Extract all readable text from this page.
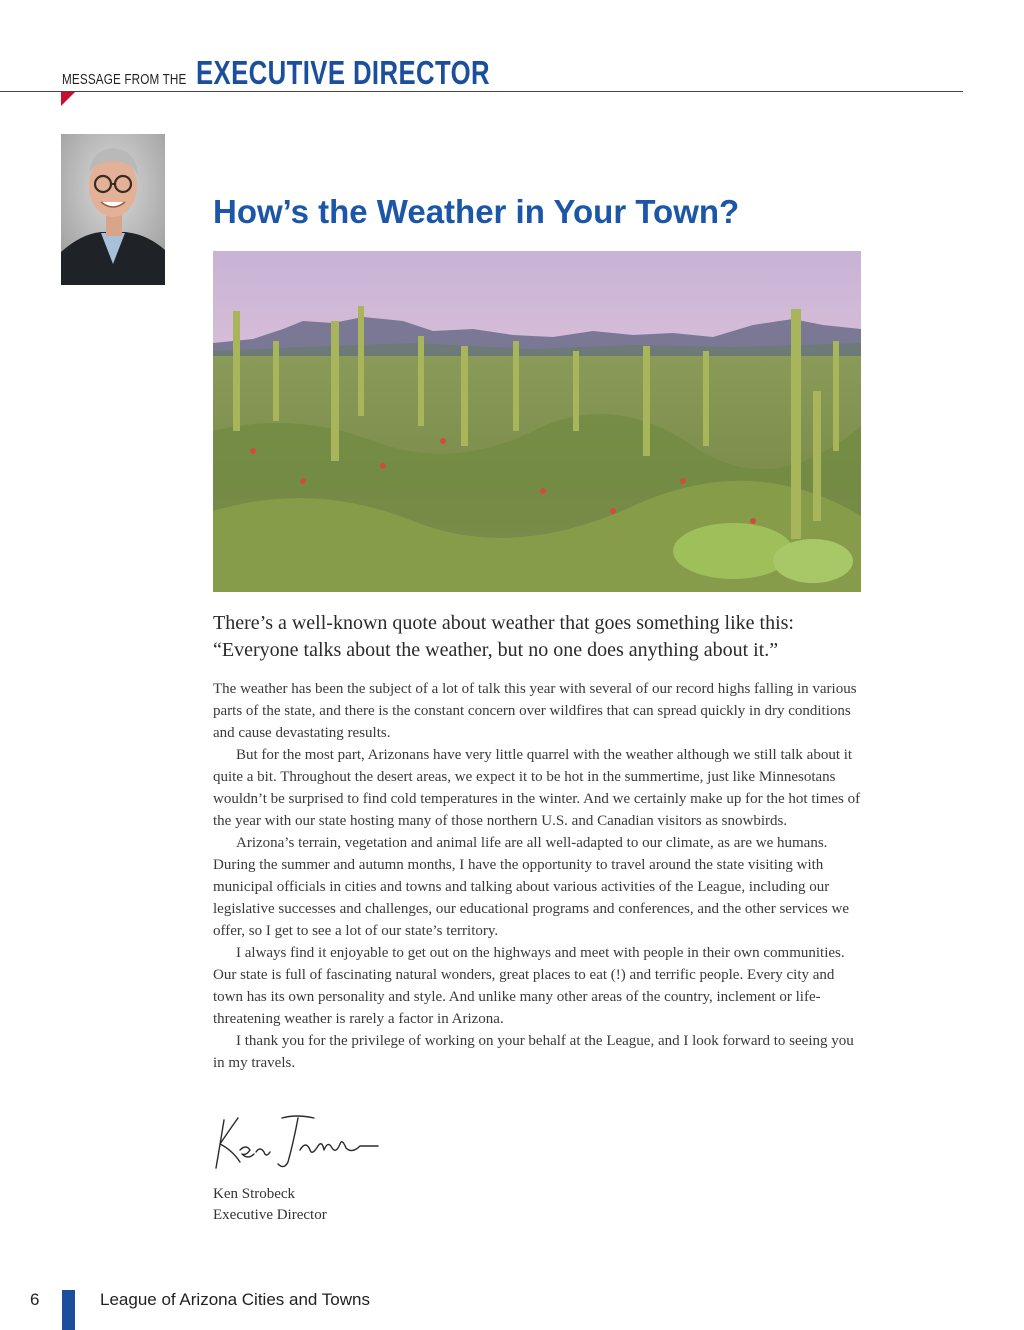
MESSAGE FROM THE EXECUTIVE DIRECTOR
How’s the Weather in Your Town?

There’s a well-known quote about weather that goes something like this:

“Everyone talks about the weather, but no one does anything about it.”

The weather has been the subject of a lot of talk this year with several of our record highs falling in various parts of the state, and there is the constant concern over wildfires that can spread quickly in dry conditions and cause devastating results.

But for the most part, Arizonans have very little quarrel with the weather although we still talk about it quite a bit. Throughout the desert areas, we expect it to be hot in the summertime, just like Minnesotans wouldn’t be surprised to find cold temperatures in the winter. And we certainly make up for the hot times of the year with our state hosting many of those northern U.S. and Canadian visitors as snowbirds.

Arizona’s terrain, vegetation and animal life are all well-adapted to our climate, as are we humans. During the summer and autumn months, I have the opportunity to travel around the state visiting with municipal officials in cities and towns and talking about various activities of the League, including our legislative successes and challenges, our educational programs and conferences, and the other services we offer, so I get to see a lot of our state’s territory.

I always find it enjoyable to get out on the highways and meet with people in their own communities. Our state is full of fascinating natural wonders, great places to eat (!) and terrific people. Every city and town has its own personality and style. And unlike many other areas of the country, inclement or life-threatening weather is rarely a factor in Arizona.

I thank you for the privilege of working on your behalf at the League, and I look forward to seeing you in my travels.

Ken Strobeck
Executive Director
6	League of Arizona Cities and Towns
